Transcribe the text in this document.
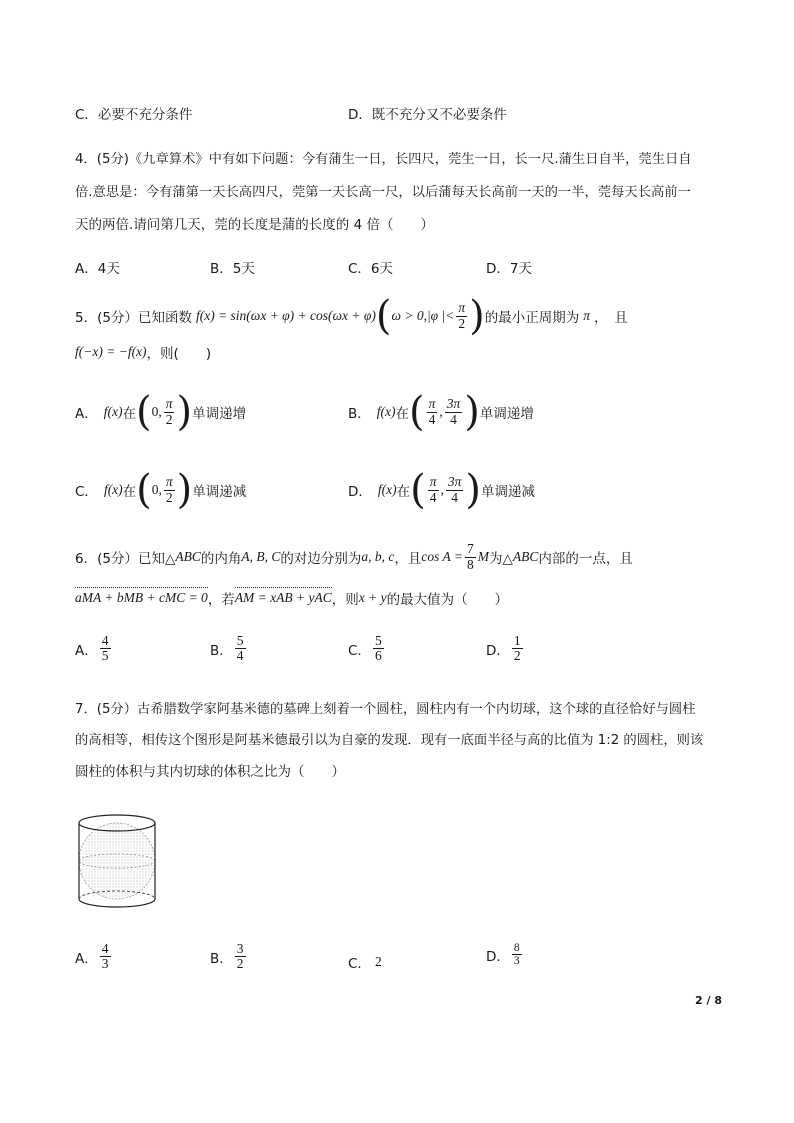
C．必要不充分条件	D．既不充分又不必要条件
4．(5分)《九章算术》中有如下问题：今有蒲生一日，长四尺，莞生一日，长一尺.蒲生日自半，莞生日自
倍.意思是：今有蒲第一天长高四尺，莞第一天长高一尺，以后蒲每天长高前一天的一半，莞每天长高前一
天的两倍.请问第几天，莞的长度是蒲的长度的 4 倍（　　）
A．4天	B．5天	C．6天	D．7天
5．(5分）已知函数 f(x) = sin(ωx + φ) + cos(ωx + φ) ( ω > 0,|φ |< $\frac{\pi}{2}$ ) 的最小正周期为 π ，　且
f(−x) = −f(x) ，则(　　)
A． f(x) 在 ( 0, $\frac{\pi}{2}$ ) 单调递增	B． f(x) 在 ( $\frac{\pi}{4}$ , $\frac{3\pi}{4}$ ) 单调递增
C． f(x) 在 ( 0, $\frac{\pi}{2}$ ) 单调递减	D． f(x) 在 ( $\frac{\pi}{4}$ , $\frac{3\pi}{4}$ ) 单调递减
6．(5分）已知△ ABC 的内角 A, B, C 的对边分别为 a, b, c ，且 $\cos A = \frac{7}{8}$ M 为△ ABC 内部的一点，且
aMA + bMB + cMC = 0 ，若 AM = xAB + yAC ，则 x + y 的最大值为（　　）
A． $\frac{4}{5}$	B． $\frac{5}{4}$	C． $\frac{5}{6}$	D． $\frac{1}{2}$
7．(5分）古希腊数学家阿基米德的墓碑上刻着一个圆柱，圆柱内有一个内切球，这个球的直径恰好与圆柱
的高相等，相传这个图形是阿基米德最引以为自豪的发现．现有一底面半径与高的比值为 1:2 的圆柱，则该
圆柱的体积与其内切球的体积之比为（　　）
A． $\frac{4}{3}$	B． $\frac{3}{2}$	C． 2	D． $\frac{8}{3}$
2 / 8
